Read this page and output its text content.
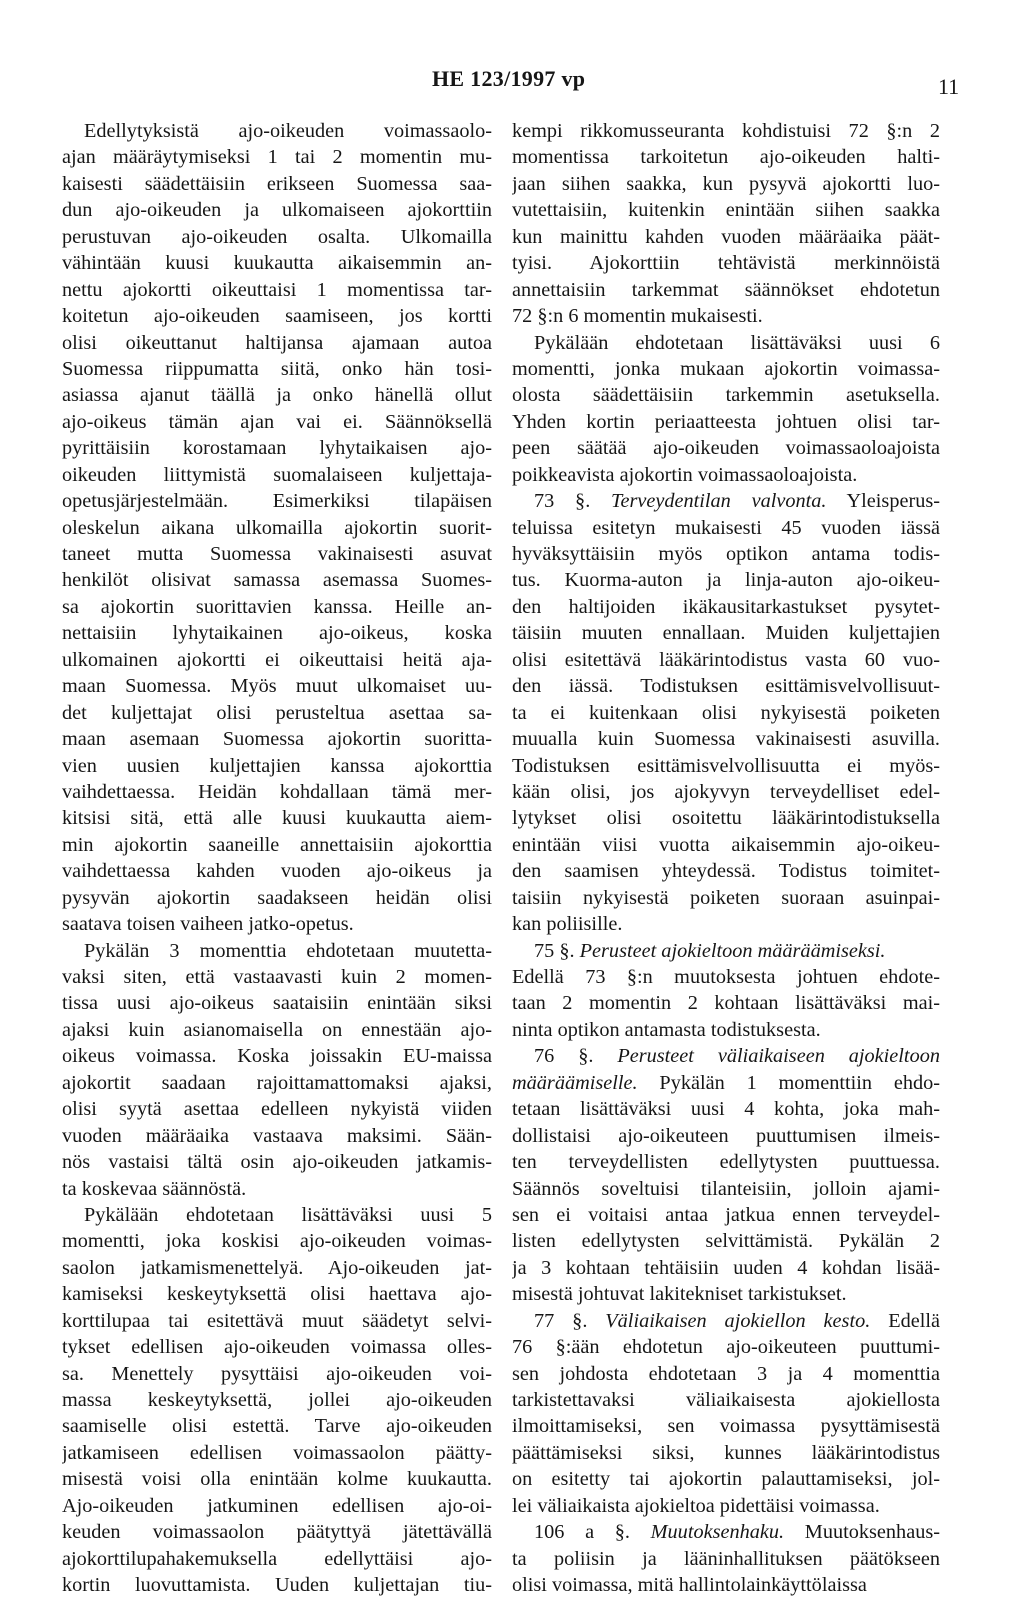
HE 123/1997 vp	11
Edellytyksistä ajo-oikeuden voimassaolo-
ajan määräytymiseksi 1 tai 2 momentin mu-
kaisesti säädettäisiin erikseen Suomessa saa-
dun ajo-oikeuden ja ulkomaiseen ajokorttiin
perustuvan ajo-oikeuden osalta. Ulkomailla
vähintään kuusi kuukautta aikaisemmin an-
nettu ajokortti oikeuttaisi 1 momentissa tar-
koitetun ajo-oikeuden saamiseen, jos kortti
olisi oikeuttanut haltijansa ajamaan autoa
Suomessa riippumatta siitä, onko hän tosi-
asiassa ajanut täällä ja onko hänellä ollut
ajo-oikeus tämän ajan vai ei. Säännöksellä
pyrittäisiin korostamaan lyhytaikaisen ajo-
oikeuden liittymistä suomalaiseen kuljettaja-
opetusjärjestelmään. Esimerkiksi tilapäisen
oleskelun aikana ulkomailla ajokortin suorit-
taneet mutta Suomessa vakinaisesti asuvat
henkilöt olisivat samassa asemassa Suomes-
sa ajokortin suorittavien kanssa. Heille an-
nettaisiin lyhytaikainen ajo-oikeus, koska
ulkomainen ajokortti ei oikeuttaisi heitä aja-
maan Suomessa. Myös muut ulkomaiset uu-
det kuljettajat olisi perusteltua asettaa sa-
maan asemaan Suomessa ajokortin suoritta-
vien uusien kuljettajien kanssa ajokorttia
vaihdettaessa. Heidän kohdallaan tämä mer-
kitsisi sitä, että alle kuusi kuukautta aiem-
min ajokortin saaneille annettaisiin ajokorttia
vaihdettaessa kahden vuoden ajo-oikeus ja
pysyvän ajokortin saadakseen heidän olisi
saatava toisen vaiheen jatko-opetus.
Pykälän 3 momenttia ehdotetaan muutetta-
vaksi siten, että vastaavasti kuin 2 momen-
tissa uusi ajo-oikeus saataisiin enintään siksi
ajaksi kuin asianomaisella on ennestään ajo-
oikeus voimassa. Koska joissakin EU-maissa
ajokortit saadaan rajoittamattomaksi ajaksi,
olisi syytä asettaa edelleen nykyistä viiden
vuoden määräaika vastaava maksimi. Sään-
nös vastaisi tältä osin ajo-oikeuden jatkamis-
ta koskevaa säännöstä.
Pykälään ehdotetaan lisättäväksi uusi 5
momentti, joka koskisi ajo-oikeuden voimas-
saolon jatkamismenettelyä. Ajo-oikeuden jat-
kamiseksi keskeytyksettä olisi haettava ajo-
korttilupaa tai esitettävä muut säädetyt selvi-
tykset edellisen ajo-oikeuden voimassa olles-
sa. Menettely pysyttäisi ajo-oikeuden voi-
massa keskeytyksettä, jollei ajo-oikeuden
saamiselle olisi estettä. Tarve ajo-oikeuden
jatkamiseen edellisen voimassaolon päätty-
misestä voisi olla enintään kolme kuukautta.
Ajo-oikeuden jatkuminen edellisen ajo-oi-
keuden voimassaolon päätyttyä jätettävällä
ajokorttilupahakemuksella edellyttäisi ajo-
kortin luovuttamista. Uuden kuljettajan tiu-
kempi rikkomusseuranta kohdistuisi 72 §:n 2
momentissa tarkoitetun ajo-oikeuden halti-
jaan siihen saakka, kun pysyvä ajokortti luo-
vutettaisiin, kuitenkin enintään siihen saakka
kun mainittu kahden vuoden määräaika päät-
tyisi. Ajokorttiin tehtävistä merkinnöistä
annettaisiin tarkemmat säännökset ehdotetun
72 §:n 6 momentin mukaisesti.
Pykälään ehdotetaan lisättäväksi uusi 6
momentti, jonka mukaan ajokortin voimassa-
olosta säädettäisiin tarkemmin asetuksella.
Yhden kortin periaatteesta johtuen olisi tar-
peen säätää ajo-oikeuden voimassaoloajoista
poikkeavista ajokortin voimassaoloajoista.
73 §. Terveydentilan valvonta. Yleisperus-
teluissa esitetyn mukaisesti 45 vuoden iässä
hyväksyttäisiin myös optikon antama todis-
tus. Kuorma-auton ja linja-auton ajo-oikeu-
den haltijoiden ikäkausitarkastukset pysytet-
täisiin muuten ennallaan. Muiden kuljettajien
olisi esitettävä lääkärintodistus vasta 60 vuo-
den iässä. Todistuksen esittämisvelvollisuut-
ta ei kuitenkaan olisi nykyisestä poiketen
muualla kuin Suomessa vakinaisesti asuvilla.
Todistuksen esittämisvelvollisuutta ei myös-
kään olisi, jos ajokyvyn terveydelliset edel-
lytykset olisi osoitettu lääkärintodistuksella
enintään viisi vuotta aikaisemmin ajo-oikeu-
den saamisen yhteydessä. Todistus toimitet-
taisiin nykyisestä poiketen suoraan asuinpai-
kan poliisille.
75 §. Perusteet ajokieltoon määräämiseksi.
Edellä 73 §:n muutoksesta johtuen ehdote-
taan 2 momentin 2 kohtaan lisättäväksi mai-
ninta optikon antamasta todistuksesta.
76 §. Perusteet väliaikaiseen ajokieltoon
määräämiselle. Pykälän 1 momenttiin ehdo-
tetaan lisättäväksi uusi 4 kohta, joka mah-
dollistaisi ajo-oikeuteen puuttumisen ilmeis-
ten terveydellisten edellytysten puuttuessa.
Säännös soveltuisi tilanteisiin, jolloin ajami-
sen ei voitaisi antaa jatkua ennen terveydel-
listen edellytysten selvittämistä. Pykälän 2
ja 3 kohtaan tehtäisiin uuden 4 kohdan lisää-
misestä johtuvat lakitekniset tarkistukset.
77 §. Väliaikaisen ajokiellon kesto. Edellä
76 §:ään ehdotetun ajo-oikeuteen puuttumi-
sen johdosta ehdotetaan 3 ja 4 momenttia
tarkistettavaksi väliaikaisesta ajokiellosta
ilmoittamiseksi, sen voimassa pysyttämisestä
päättämiseksi siksi, kunnes lääkärintodistus
on esitetty tai ajokortin palauttamiseksi, jol-
lei väliaikaista ajokieltoa pidettäisi voimassa.
106 a §. Muutoksenhaku. Muutoksenhaus-
ta poliisin ja lääninhallituksen päätökseen
olisi voimassa, mitä hallintolainkäyttölaissa
